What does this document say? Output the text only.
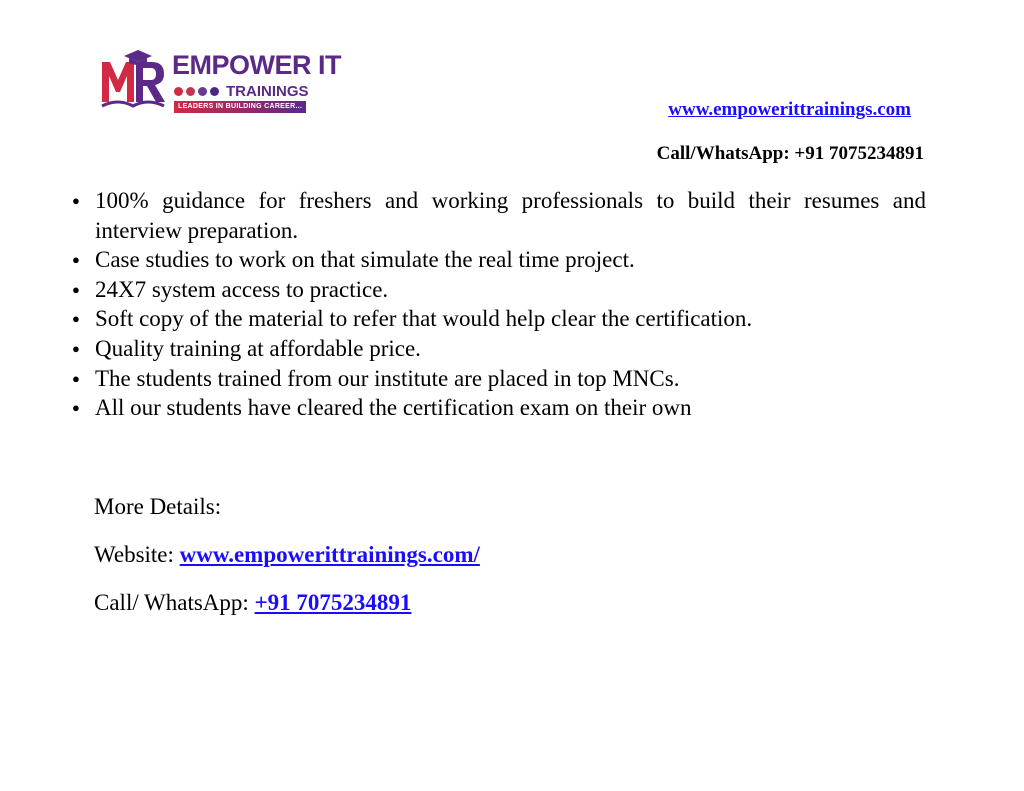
EMPOWER IT
TRAININGS
LEADERS IN BUILDING CAREER...	www.empowerittrainings.com
Call/WhatsApp: +91 7075234891
● 100% guidance for freshers and working professionals to build their resumes and interview preparation.
● Case studies to work on that simulate the real time project.
● 24X7 system access to practice.
● Soft copy of the material to refer that would help clear the certification.
● Quality training at affordable price.
● The students trained from our institute are placed in top MNCs.
● All our students have cleared the certification exam on their own
More Details:
Website: www.empowerittrainings.com/
Call/ WhatsApp: +91 7075234891
